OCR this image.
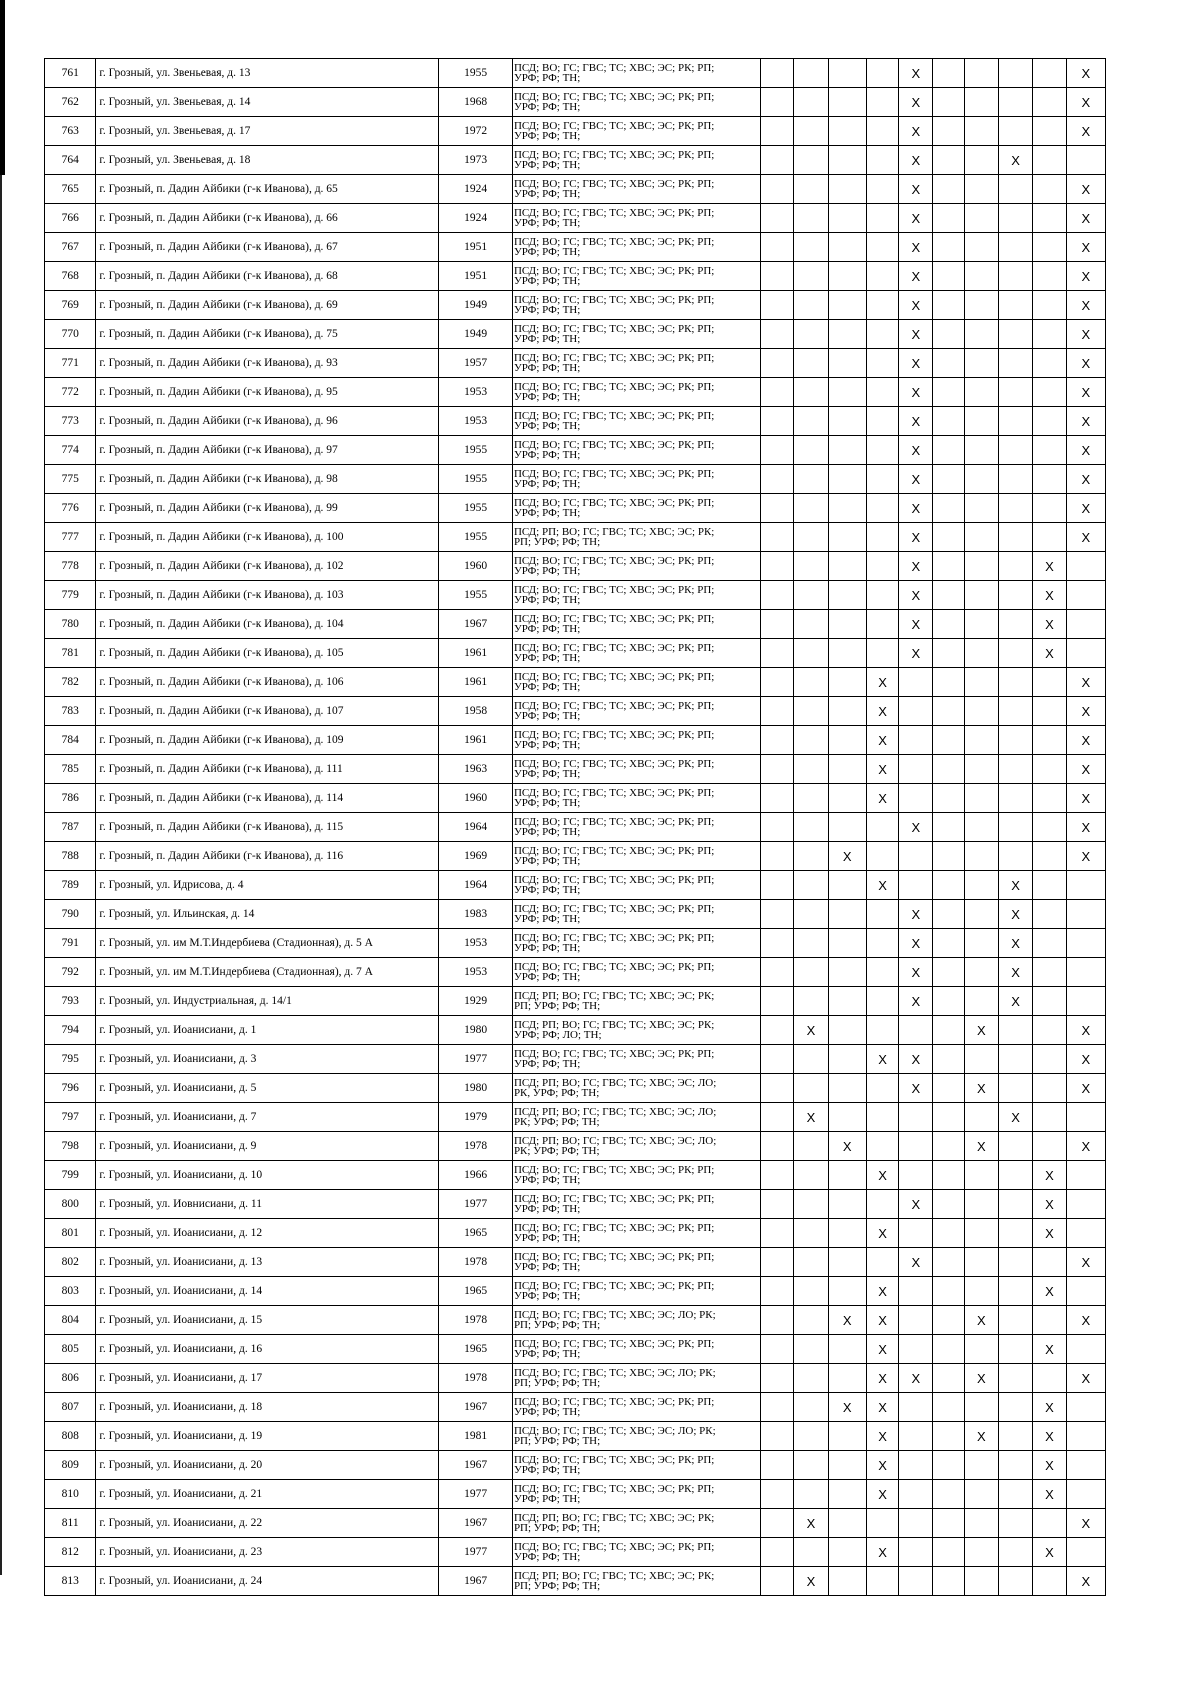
761	г. Грозный, ул. Звеньевая, д. 13	1955	ПСД; ВО; ГС; ГВС; ТС; ХВС; ЭС; РК; РП;
УРФ; РФ; ТН;					X					X
762	г. Грозный, ул. Звеньевая, д. 14	1968	ПСД; ВО; ГС; ГВС; ТС; ХВС; ЭС; РК; РП;
УРФ; РФ; ТН;					X					X
763	г. Грозный, ул. Звеньевая, д. 17	1972	ПСД; ВО; ГС; ГВС; ТС; ХВС; ЭС; РК; РП;
УРФ; РФ; ТН;					X					X
764	г. Грозный, ул. Звеньевая, д. 18	1973	ПСД; ВО; ГС; ГВС; ТС; ХВС; ЭС; РК; РП;
УРФ; РФ; ТН;					X			X		
765	г. Грозный, п. Дадин Айбики (г-к Иванова), д. 65	1924	ПСД; ВО; ГС; ГВС; ТС; ХВС; ЭС; РК; РП;
УРФ; РФ; ТН;					X					X
766	г. Грозный, п. Дадин Айбики (г-к Иванова), д. 66	1924	ПСД; ВО; ГС; ГВС; ТС; ХВС; ЭС; РК; РП;
УРФ; РФ; ТН;					X					X
767	г. Грозный, п. Дадин Айбики (г-к Иванова), д. 67	1951	ПСД; ВО; ГС; ГВС; ТС; ХВС; ЭС; РК; РП;
УРФ; РФ; ТН;					X					X
768	г. Грозный, п. Дадин Айбики (г-к Иванова), д. 68	1951	ПСД; ВО; ГС; ГВС; ТС; ХВС; ЭС; РК; РП;
УРФ; РФ; ТН;					X					X
769	г. Грозный, п. Дадин Айбики (г-к Иванова), д. 69	1949	ПСД; ВО; ГС; ГВС; ТС; ХВС; ЭС; РК; РП;
УРФ; РФ; ТН;					X					X
770	г. Грозный, п. Дадин Айбики (г-к Иванова), д. 75	1949	ПСД; ВО; ГС; ГВС; ТС; ХВС; ЭС; РК; РП;
УРФ; РФ; ТН;					X					X
771	г. Грозный, п. Дадин Айбики (г-к Иванова), д. 93	1957	ПСД; ВО; ГС; ГВС; ТС; ХВС; ЭС; РК; РП;
УРФ; РФ; ТН;					X					X
772	г. Грозный, п. Дадин Айбики (г-к Иванова), д. 95	1953	ПСД; ВО; ГС; ГВС; ТС; ХВС; ЭС; РК; РП;
УРФ; РФ; ТН;					X					X
773	г. Грозный, п. Дадин Айбики (г-к Иванова), д. 96	1953	ПСД; ВО; ГС; ГВС; ТС; ХВС; ЭС; РК; РП;
УРФ; РФ; ТН;					X					X
774	г. Грозный, п. Дадин Айбики (г-к Иванова), д. 97	1955	ПСД; ВО; ГС; ГВС; ТС; ХВС; ЭС; РК; РП;
УРФ; РФ; ТН;					X					X
775	г. Грозный, п. Дадин Айбики (г-к Иванова), д. 98	1955	ПСД; ВО; ГС; ГВС; ТС; ХВС; ЭС; РК; РП;
УРФ; РФ; ТН;					X					X
776	г. Грозный, п. Дадин Айбики (г-к Иванова), д. 99	1955	ПСД; ВО; ГС; ГВС; ТС; ХВС; ЭС; РК; РП;
УРФ; РФ; ТН;					X					X
777	г. Грозный, п. Дадин Айбики (г-к Иванова), д. 100	1955	ПСД; РП; ВО; ГС; ГВС; ТС; ХВС; ЭС; РК;
РП; УРФ; РФ; ТН;					X					X
778	г. Грозный, п. Дадин Айбики (г-к Иванова), д. 102	1960	ПСД; ВО; ГС; ГВС; ТС; ХВС; ЭС; РК; РП;
УРФ; РФ; ТН;					X				X	
779	г. Грозный, п. Дадин Айбики (г-к Иванова), д. 103	1955	ПСД; ВО; ГС; ГВС; ТС; ХВС; ЭС; РК; РП;
УРФ; РФ; ТН;					X				X	
780	г. Грозный, п. Дадин Айбики (г-к Иванова), д. 104	1967	ПСД; ВО; ГС; ГВС; ТС; ХВС; ЭС; РК; РП;
УРФ; РФ; ТН;					X				X	
781	г. Грозный, п. Дадин Айбики (г-к Иванова), д. 105	1961	ПСД; ВО; ГС; ГВС; ТС; ХВС; ЭС; РК; РП;
УРФ; РФ; ТН;					X				X	
782	г. Грозный, п. Дадин Айбики (г-к Иванова), д. 106	1961	ПСД; ВО; ГС; ГВС; ТС; ХВС; ЭС; РК; РП;
УРФ; РФ; ТН;				X						X
783	г. Грозный, п. Дадин Айбики (г-к Иванова), д. 107	1958	ПСД; ВО; ГС; ГВС; ТС; ХВС; ЭС; РК; РП;
УРФ; РФ; ТН;				X						X
784	г. Грозный, п. Дадин Айбики (г-к Иванова), д. 109	1961	ПСД; ВО; ГС; ГВС; ТС; ХВС; ЭС; РК; РП;
УРФ; РФ; ТН;				X						X
785	г. Грозный, п. Дадин Айбики (г-к Иванова), д. 111	1963	ПСД; ВО; ГС; ГВС; ТС; ХВС; ЭС; РК; РП;
УРФ; РФ; ТН;				X						X
786	г. Грозный, п. Дадин Айбики (г-к Иванова), д. 114	1960	ПСД; ВО; ГС; ГВС; ТС; ХВС; ЭС; РК; РП;
УРФ; РФ; ТН;				X						X
787	г. Грозный, п. Дадин Айбики (г-к Иванова), д. 115	1964	ПСД; ВО; ГС; ГВС; ТС; ХВС; ЭС; РК; РП;
УРФ; РФ; ТН;					X					X
788	г. Грозный, п. Дадин Айбики (г-к Иванова), д. 116	1969	ПСД; ВО; ГС; ГВС; ТС; ХВС; ЭС; РК; РП;
УРФ; РФ; ТН;			X							X
789	г. Грозный, ул. Идрисова, д. 4	1964	ПСД; ВО; ГС; ГВС; ТС; ХВС; ЭС; РК; РП;
УРФ; РФ; ТН;				X				X		
790	г. Грозный, ул. Ильинская, д. 14	1983	ПСД; ВО; ГС; ГВС; ТС; ХВС; ЭС; РК; РП;
УРФ; РФ; ТН;					X			X		
791	г. Грозный, ул. им М.Т.Индербиева (Стадионная), д. 5 А	1953	ПСД; ВО; ГС; ГВС; ТС; ХВС; ЭС; РК; РП;
УРФ; РФ; ТН;					X			X		
792	г. Грозный, ул. им М.Т.Индербиева (Стадионная), д. 7 А	1953	ПСД; ВО; ГС; ГВС; ТС; ХВС; ЭС; РК; РП;
УРФ; РФ; ТН;					X			X		
793	г. Грозный, ул. Индустриальная, д. 14/1	1929	ПСД; РП; ВО; ГС; ГВС; ТС; ХВС; ЭС; РК;
РП; УРФ; РФ; ТН;					X			X		
794	г. Грозный, ул. Иоанисиани, д. 1	1980	ПСД; РП; ВО; ГС; ГВС; ТС; ХВС; ЭС; РК;
УРФ; РФ; ЛО; ТН;		X					X			X
795	г. Грозный, ул. Иоанисиани, д. 3	1977	ПСД; ВО; ГС; ГВС; ТС; ХВС; ЭС; РК; РП;
УРФ; РФ; ТН;				X	X					X
796	г. Грозный, ул. Иоанисиани, д. 5	1980	ПСД; РП; ВО; ГС; ГВС; ТС; ХВС; ЭС; ЛО;
РК, УРФ; РФ; ТН;					X		X			X
797	г. Грозный, ул. Иоанисиани, д. 7	1979	ПСД; РП; ВО; ГС; ГВС; ТС; ХВС; ЭС; ЛО;
РК; УРФ; РФ; ТН;		X						X		
798	г. Грозный, ул. Иоанисиани, д. 9	1978	ПСД; РП; ВО; ГС; ГВС; ТС; ХВС; ЭС; ЛО;
РК; УРФ; РФ; ТН;			X				X			X
799	г. Грозный, ул. Иоанисиани, д. 10	1966	ПСД; ВО; ГС; ГВС; ТС; ХВС; ЭС; РК; РП;
УРФ; РФ; ТН;				X					X	
800	г. Грозный, ул. Иовнисиани, д. 11	1977	ПСД; ВО; ГС; ГВС; ТС; ХВС; ЭС; РК; РП;
УРФ; РФ; ТН;					X				X	
801	г. Грозный, ул. Иоанисиани, д. 12	1965	ПСД; ВО; ГС; ГВС; ТС; ХВС; ЭС; РК; РП;
УРФ; РФ; ТН;				X					X	
802	г. Грозный, ул. Иоанисиани, д. 13	1978	ПСД; ВО; ГС; ГВС; ТС; ХВС; ЭС; РК; РП;
УРФ; РФ; ТН;					X					X
803	г. Грозный, ул. Иоанисиани, д. 14	1965	ПСД; ВО; ГС; ГВС; ТС; ХВС; ЭС; РК; РП;
УРФ; РФ; ТН;				X					X	
804	г. Грозный, ул. Иоанисиани, д. 15	1978	ПСД; ВО; ГС; ГВС; ТС; ХВС; ЭС; ЛО; РК;
РП; УРФ; РФ; ТН;			X	X			X			X
805	г. Грозный, ул. Иоанисиани, д. 16	1965	ПСД; ВО; ГС; ГВС; ТС; ХВС; ЭС; РК; РП;
УРФ; РФ; ТН;				X					X	
806	г. Грозный, ул. Иоанисиани, д. 17	1978	ПСД; ВО; ГС; ГВС; ТС; ХВС; ЭС; ЛО; РК;
РП; УРФ; РФ; ТН;				X	X		X			X
807	г. Грозный, ул. Иоанисиани, д. 18	1967	ПСД; ВО; ГС; ГВС; ТС; ХВС; ЭС; РК; РП;
УРФ; РФ; ТН;			X	X					X	
808	г. Грозный, ул. Иоанисиани, д. 19	1981	ПСД; ВО; ГС; ГВС; ТС; ХВС; ЭС; ЛО; РК;
РП; УРФ; РФ; ТН;				X			X		X	
809	г. Грозный, ул. Иоанисиани, д. 20	1967	ПСД; ВО; ГС; ГВС; ТС; ХВС; ЭС; РК; РП;
УРФ; РФ; ТН;				X					X	
810	г. Грозный, ул. Иоанисиани, д. 21	1977	ПСД; ВО; ГС; ГВС; ТС; ХВС; ЭС; РК; РП;
УРФ; РФ; ТН;				X					X	
811	г. Грозный, ул. Иоанисиани, д. 22	1967	ПСД; РП; ВО; ГС; ГВС; ТС; ХВС; ЭС; РК;
РП; УРФ; РФ; ТН;		X								X
812	г. Грозный, ул. Иоанисиани, д. 23	1977	ПСД; ВО; ГС; ГВС; ТС; ХВС; ЭС; РК; РП;
УРФ; РФ; ТН;				X					X	
813	г. Грозный, ул. Иоанисиани, д. 24	1967	ПСД; РП; ВО; ГС; ГВС; ТС; ХВС; ЭС; РК;
РП; УРФ; РФ; ТН;		X								X
